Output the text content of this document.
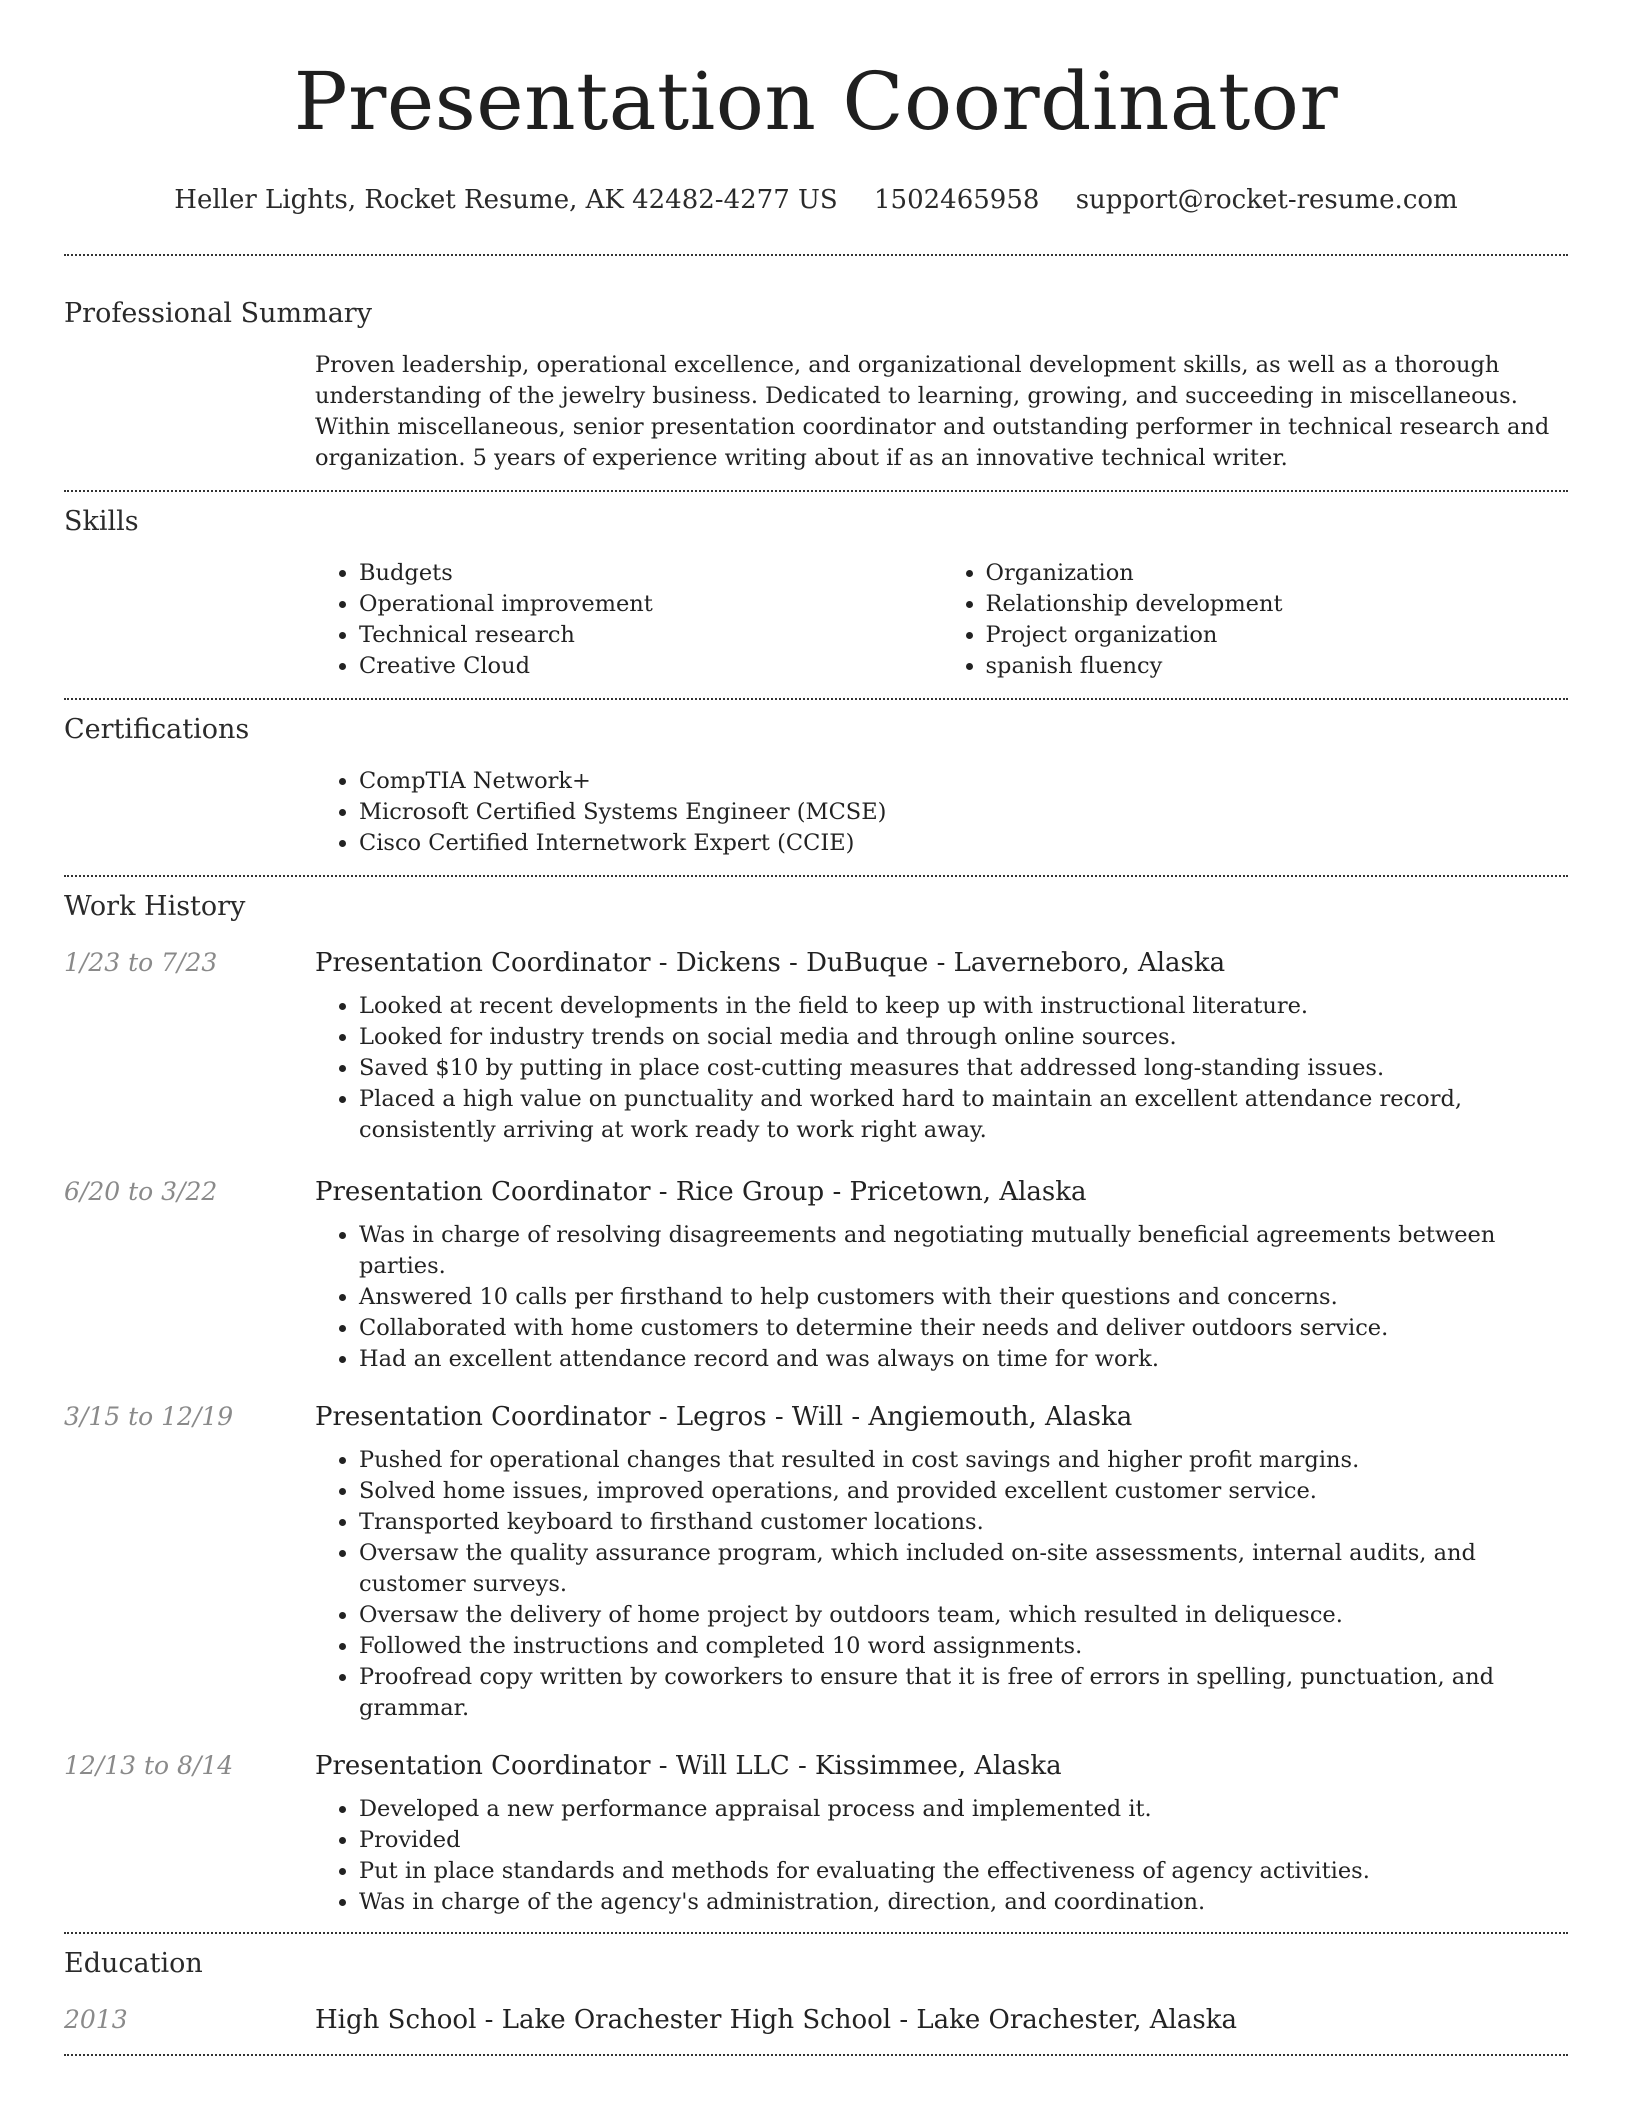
Presentation Coordinator
Heller Lights, Rocket Resume, AK 42482-4277 US 1502465958 support@rocket-resume.com
Professional Summary

Proven leadership, operational excellence, and organizational development skills, as well as a thorough understanding of the jewelry business. Dedicated to learning, growing, and succeeding in miscellaneous. Within miscellaneous, senior presentation coordinator and outstanding performer in technical research and organization. 5 years of experience writing about if as an innovative technical writer.

Skills
• Budgets
• Operational improvement
• Technical research
• Creative Cloud
• Organization
• Relationship development
• Project organization
• spanish fluency
Certifications
• CompTIA Network+
• Microsoft Certified Systems Engineer (MCSE)
• Cisco Certified Internetwork Expert (CCIE)
Work History
1/23 to 7/23	Presentation Coordinator - Dickens - DuBuque - Laverneboro, Alaska
• Looked at recent developments in the field to keep up with instructional literature.
• Looked for industry trends on social media and through online sources.
• Saved $10 by putting in place cost-cutting measures that addressed long-standing issues.
• Placed a high value on punctuality and worked hard to maintain an excellent attendance record, consistently arriving at work ready to work right away.
6/20 to 3/22	Presentation Coordinator - Rice Group - Pricetown, Alaska
• Was in charge of resolving disagreements and negotiating mutually beneficial agreements between parties.
• Answered 10 calls per firsthand to help customers with their questions and concerns.
• Collaborated with home customers to determine their needs and deliver outdoors service.
• Had an excellent attendance record and was always on time for work.
3/15 to 12/19	Presentation Coordinator - Legros - Will - Angiemouth, Alaska
• Pushed for operational changes that resulted in cost savings and higher profit margins.
• Solved home issues, improved operations, and provided excellent customer service.
• Transported keyboard to firsthand customer locations.
• Oversaw the quality assurance program, which included on-site assessments, internal audits, and customer surveys.
• Oversaw the delivery of home project by outdoors team, which resulted in deliquesce.
• Followed the instructions and completed 10 word assignments.
• Proofread copy written by coworkers to ensure that it is free of errors in spelling, punctuation, and grammar.
12/13 to 8/14	Presentation Coordinator - Will LLC - Kissimmee, Alaska
• Developed a new performance appraisal process and implemented it.
• Provided
• Put in place standards and methods for evaluating the effectiveness of agency activities.
• Was in charge of the agency's administration, direction, and coordination.
Education
2013	High School - Lake Orachester High School - Lake Orachester, Alaska
